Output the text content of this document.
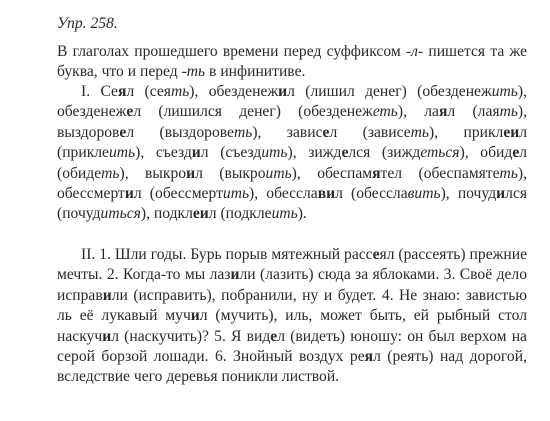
Упр. 258.
В глаголах прошедшего времени перед суффиксом -л- пишется та же буква, что и перед -ть в инфинитиве.
I. Сеял (сеять), обезденежил (лишил денег) (обезденежить), обезденежел (лишился денег) (обезденежеть), лаял (лаять), выздоровел (выздороветь), зависел (зависеть), приклеил (приклеить), съездил (съездить), зижделся (зиждеться), обидел (обидеть), выкроил (выкроить), обеспамятел (обеспамятеть), обессмертил (обессмертить), обесславил (обесславить), почудился (почудиться), подклеил (подклеить).
II. 1. Шли годы. Бурь порыв мятежный рассеял (рассеять) прежние мечты. 2. Когда-то мы лазили (лазить) сюда за яблоками. 3. Своё дело исправили (исправить), побранили, ну и будет. 4. Не знаю: завистью ль её лукавый мучил (мучить), иль, может быть, ей рыбный стол наскучил (наскучить)? 5. Я видел (видеть) юношу: он был верхом на серой борзой лошади. 6. Знойный воздух реял (реять) над дорогой, вследствие чего деревья поникли листвой.
